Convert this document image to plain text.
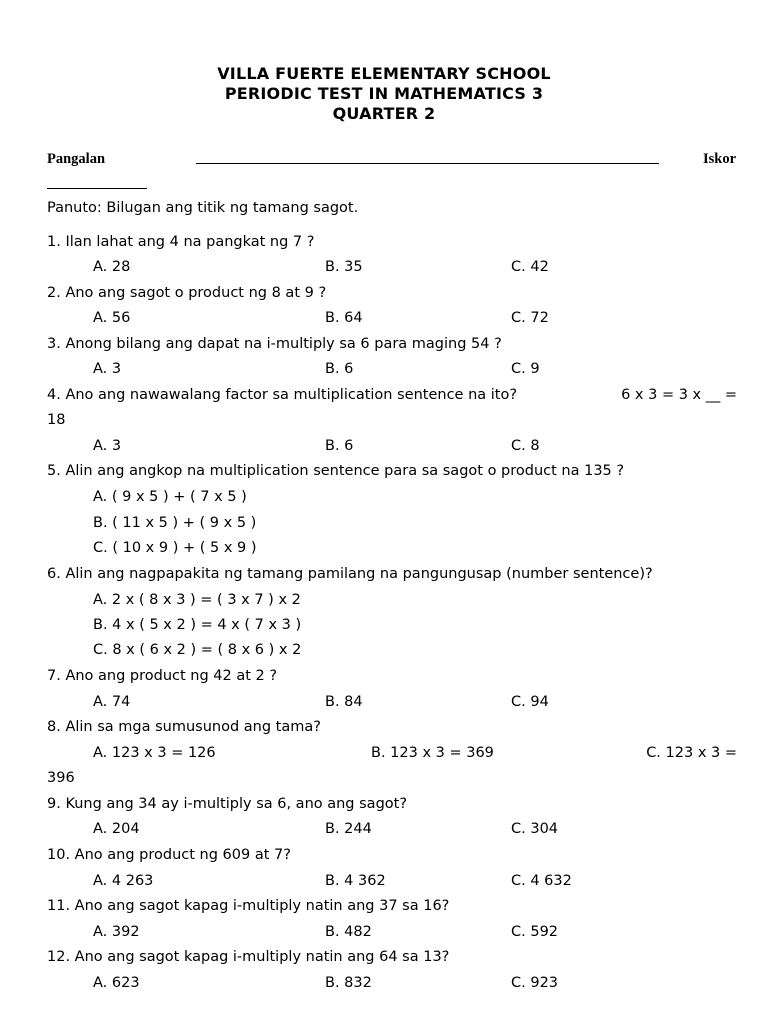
VILLA FUERTE ELEMENTARY SCHOOL
PERIODIC TEST IN MATHEMATICS 3
QUARTER 2
Pangalan	Iskor
Panuto: Bilugan ang titik ng tamang sagot.
1. Ilan lahat ang 4 na pangkat ng 7 ?
A. 28	B. 35	C. 42
2. Ano ang sagot o product ng 8 at 9 ?
A. 56	B. 64	C. 72
3. Anong bilang ang dapat na i-multiply sa 6 para maging 54 ?
A. 3	B. 6	C. 9
4. Ano ang nawawalang factor sa multiplication sentence na ito?	6 x 3 = 3 x __ =
18
A. 3	B. 6	C. 8
5. Alin ang angkop na multiplication sentence para sa sagot o product na 135 ?
A. ( 9 x 5 ) + ( 7 x 5 )
B. ( 11 x 5 ) + ( 9 x 5 )
C. ( 10 x 9 ) + ( 5 x 9 )
6. Alin ang nagpapakita ng tamang pamilang na pangungusap (number sentence)?
A. 2 x ( 8 x 3 ) = ( 3 x 7 ) x 2
B. 4 x ( 5 x 2 ) = 4 x ( 7 x 3 )
C. 8 x ( 6 x 2 ) = ( 8 x 6 ) x 2
7. Ano ang product ng 42 at 2 ?
A. 74	B. 84	C. 94
8. Alin sa mga sumusunod ang tama?
A. 123 x 3 = 126	B. 123 x 3 = 369	C. 123 x 3 =
396
9. Kung ang 34 ay i-multiply sa 6, ano ang sagot?
A. 204	B. 244	C. 304
10. Ano ang product ng 609 at 7?
A. 4 263	B. 4 362	C. 4 632
11. Ano ang sagot kapag i-multiply natin ang 37 sa 16?
A. 392	B. 482	C. 592
12. Ano ang sagot kapag i-multiply natin ang 64 sa 13?
A. 623	B. 832	C. 923
